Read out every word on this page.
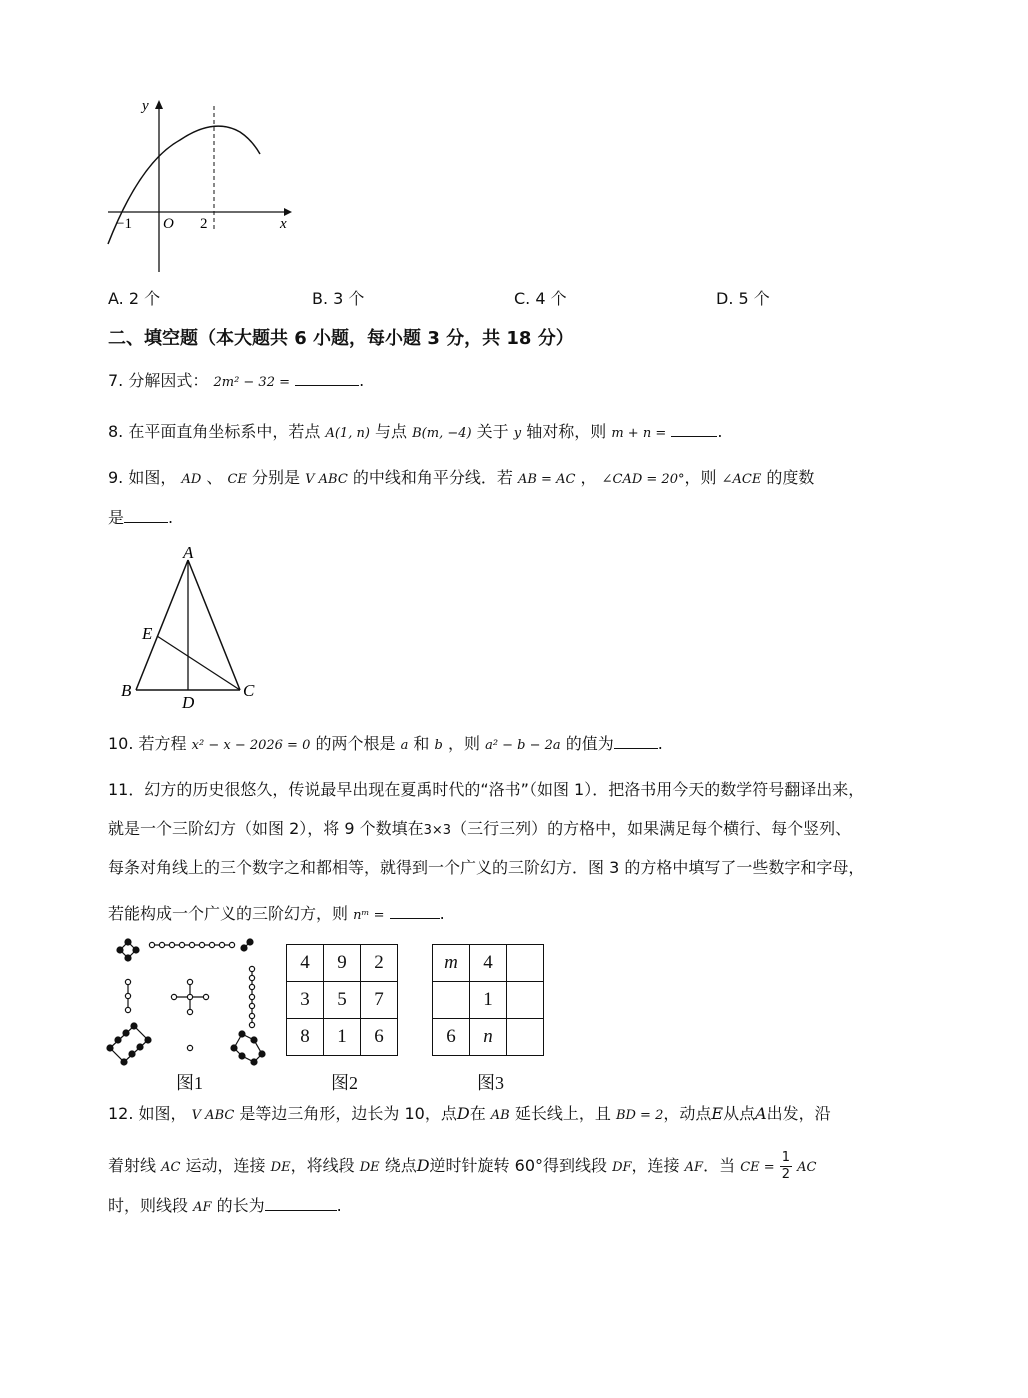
y
x
−1 O 2
A. 2 个	B. 3 个	C. 4 个	D. 5 个
二、填空题（本大题共 6 小题，每小题 3 分，共 18 分）
7. 分解因式： 2m² − 32 =	.
8. 在平面直角坐标系中，若点 A(1, n) 与点 B(m, −4) 关于 y 轴对称，则 m + n =	.
9. 如图， AD 、 CE 分别是 V ABC 的中线和角平分线．若 AB = AC ， ∠CAD = 20°，则 ∠ACE 的度数
是	.
A
B	C
D
E
10. 若方程 x² − x − 2026 = 0 的两个根是 a 和 b ，则 a² − b − 2a 的值为	.
11．幻方的历史很悠久，传说最早出现在夏禹时代的“洛书”（如图 1）．把洛书用今天的数学符号翻译出来，
就是一个三阶幻方（如图 2），将 9 个数填在3×3（三行三列）的方格中，如果满足每个横行、每个竖列、
每条对角线上的三个数字之和都相等，就得到一个广义的三阶幻方．图 3 的方格中填写了一些数字和字母，
若能构成一个广义的三阶幻方，则 nᵐ =	.
4	9	2
3	5	7
8	1	6
m	4	
	1	
6	n	
图1	图2	图3
12. 如图， V ABC 是等边三角形，边长为 10，点D在 AB 延长线上，且 BD = 2，动点E从点A出发，沿
着射线 AC 运动，连接 DE，将线段 DE 绕点D逆时针旋转 60°得到线段 DF，连接 AF．当 CE = $\frac{1}{2}$ AC
时，则线段 AF 的长为	.
